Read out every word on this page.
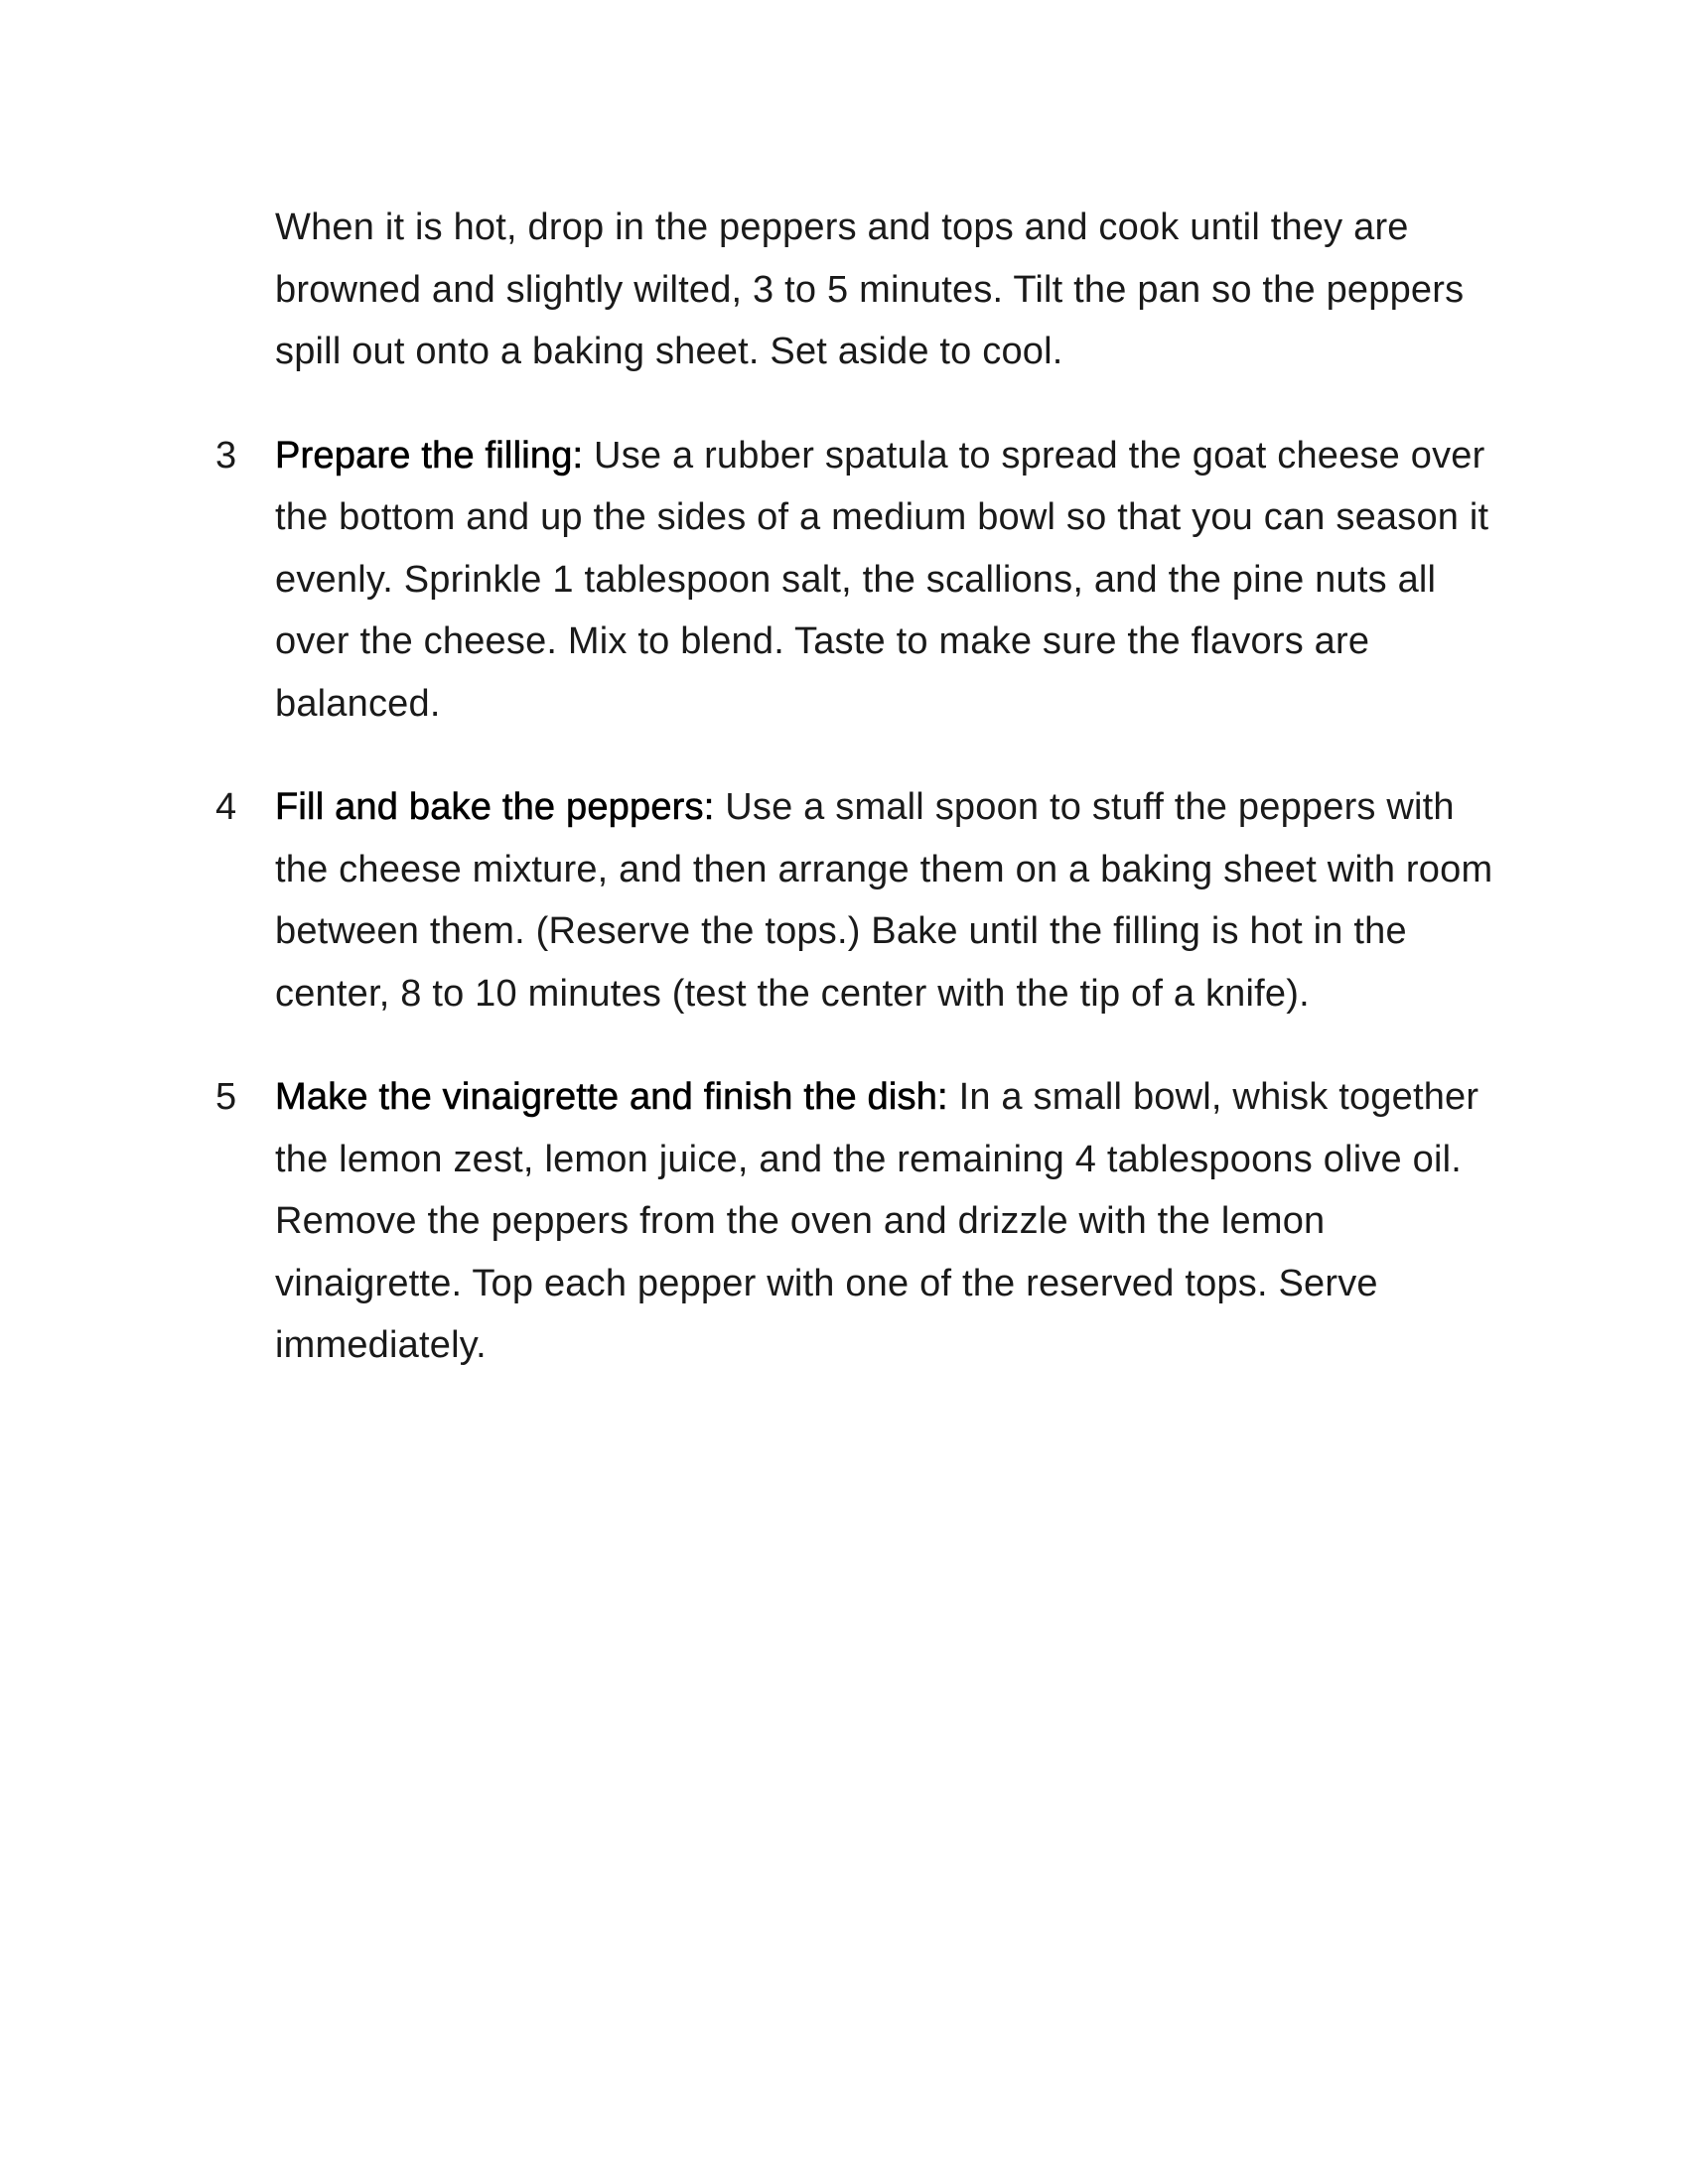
When it is hot, drop in the peppers and tops and cook until they are browned and slightly wilted, 3 to 5 minutes. Tilt the pan so the peppers spill out onto a baking sheet. Set aside to cool.

3 Prepare the filling: Use a rubber spatula to spread the goat cheese over the bottom and up the sides of a medium bowl so that you can season it evenly. Sprinkle 1 tablespoon salt, the scallions, and the pine nuts all over the cheese. Mix to blend. Taste to make sure the flavors are balanced.

4 Fill and bake the peppers: Use a small spoon to stuff the peppers with the cheese mixture, and then arrange them on a baking sheet with room between them. (Reserve the tops.) Bake until the filling is hot in the center, 8 to 10 minutes (test the center with the tip of a knife).

5 Make the vinaigrette and finish the dish: In a small bowl, whisk together the lemon zest, lemon juice, and the remaining 4 tablespoons olive oil. Remove the peppers from the oven and drizzle with the lemon vinaigrette. Top each pepper with one of the reserved tops. Serve immediately.
